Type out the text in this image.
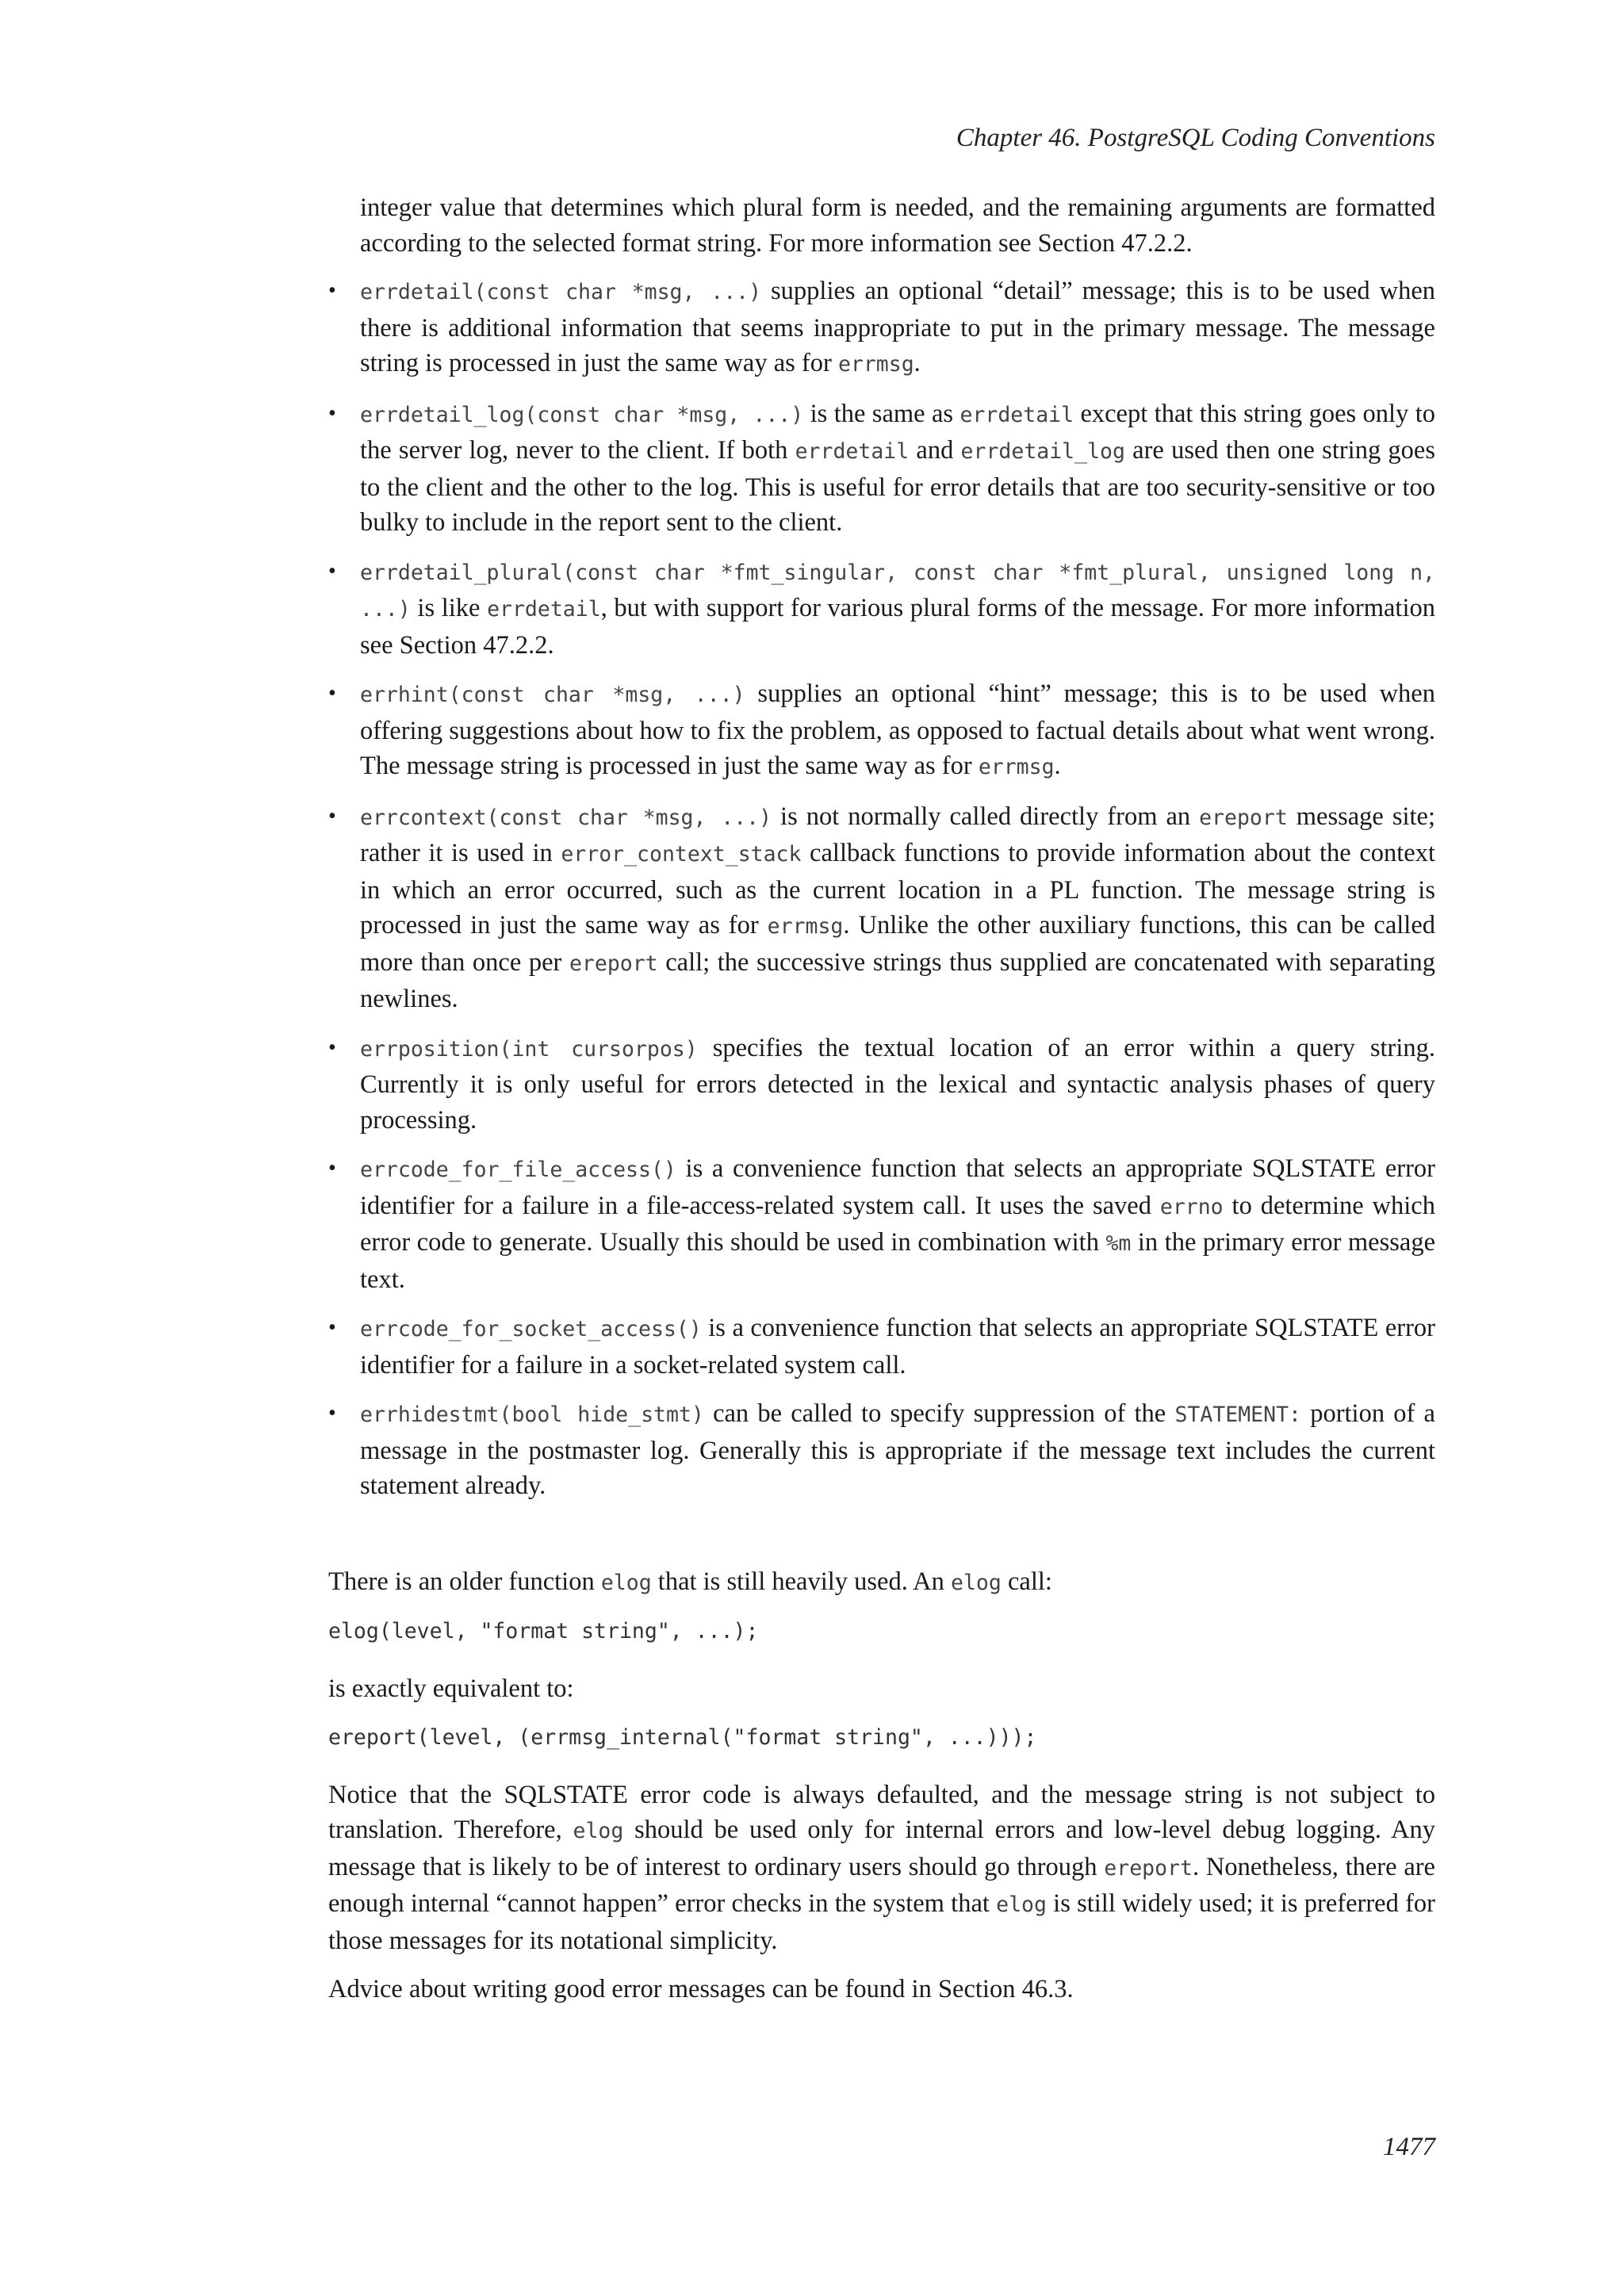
Chapter 46. PostgreSQL Coding Conventions
integer value that determines which plural form is needed, and the remaining arguments are formatted according to the selected format string. For more information see Section 47.2.2.
•	errdetail(const char *msg, ...) supplies an optional “detail” message; this is to be used when there is additional information that seems inappropriate to put in the primary message. The message string is processed in just the same way as for errmsg.
•	errdetail_log(const char *msg, ...) is the same as errdetail except that this string goes only to the server log, never to the client. If both errdetail and errdetail_log are used then one string goes to the client and the other to the log. This is useful for error details that are too security-sensitive or too bulky to include in the report sent to the client.
•	errdetail_plural(const char *fmt_singular, const char *fmt_plural, unsigned long n, ...) is like errdetail, but with support for various plural forms of the message. For more information see Section 47.2.2.
•	errhint(const char *msg, ...) supplies an optional “hint” message; this is to be used when offering suggestions about how to fix the problem, as opposed to factual details about what went wrong. The message string is processed in just the same way as for errmsg.
•	errcontext(const char *msg, ...) is not normally called directly from an ereport message site; rather it is used in error_context_stack callback functions to provide information about the context in which an error occurred, such as the current location in a PL function. The message string is processed in just the same way as for errmsg. Unlike the other auxiliary functions, this can be called more than once per ereport call; the successive strings thus supplied are concatenated with separating newlines.
•	errposition(int cursorpos) specifies the textual location of an error within a query string. Currently it is only useful for errors detected in the lexical and syntactic analysis phases of query processing.
•	errcode_for_file_access() is a convenience function that selects an appropriate SQLSTATE error identifier for a failure in a file-access-related system call. It uses the saved errno to determine which error code to generate. Usually this should be used in combination with %m in the primary error message text.
•	errcode_for_socket_access() is a convenience function that selects an appropriate SQLSTATE error identifier for a failure in a socket-related system call.
•	errhidestmt(bool hide_stmt) can be called to specify suppression of the STATEMENT: portion of a message in the postmaster log. Generally this is appropriate if the message text includes the current statement already.

There is an older function elog that is still heavily used. An elog call:

elog(level, "format string", ...);

is exactly equivalent to:

ereport(level, (errmsg_internal("format string", ...)));

Notice that the SQLSTATE error code is always defaulted, and the message string is not subject to translation. Therefore, elog should be used only for internal errors and low-level debug logging. Any message that is likely to be of interest to ordinary users should go through ereport. Nonetheless, there are enough internal “cannot happen” error checks in the system that elog is still widely used; it is preferred for those messages for its notational simplicity.

Advice about writing good error messages can be found in Section 46.3.

1477
